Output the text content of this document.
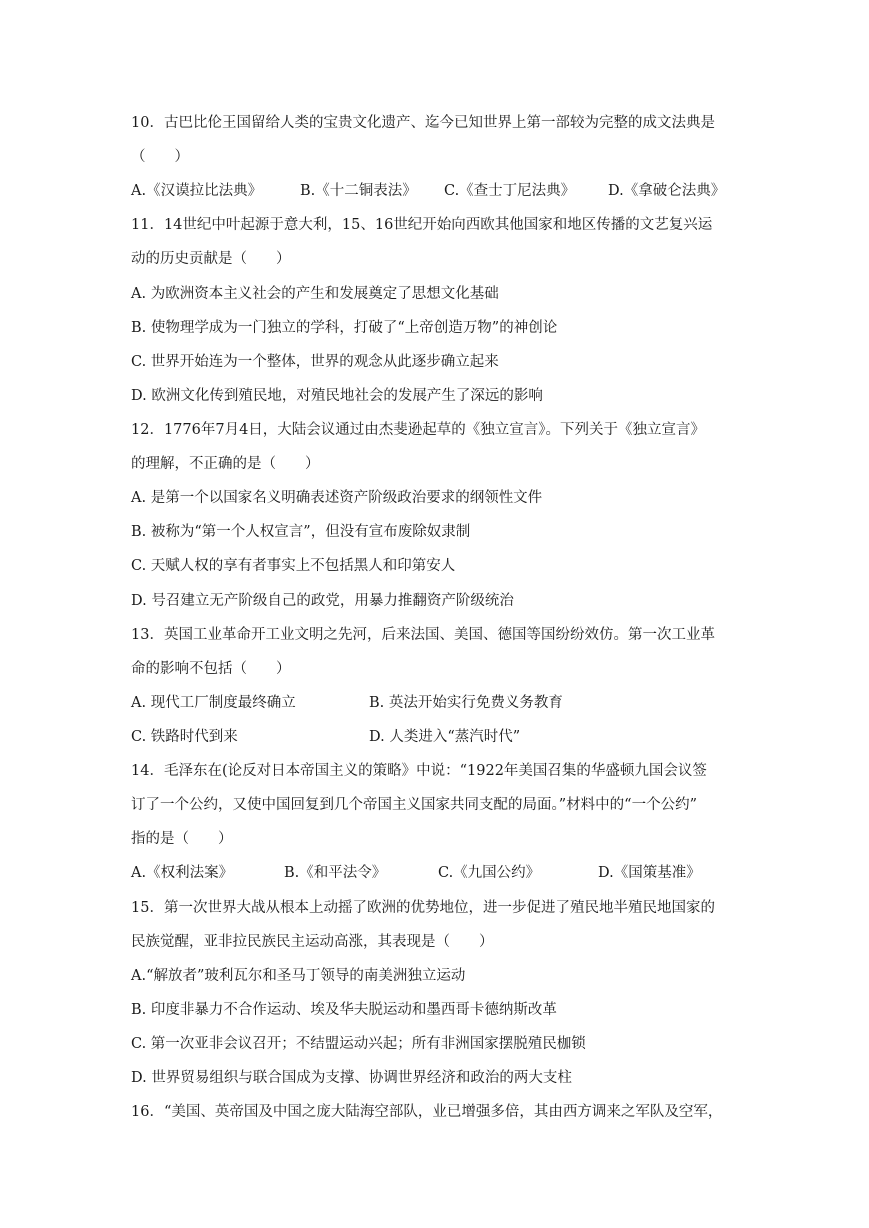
10．古巴比伦王国留给人类的宝贵文化遗产、迄今已知世界上第一部较为完整的成文法典是
（　　）
A.《汉谟拉比法典》	B.《十二铜表法》 C.《查士丁尼法典》 D.《拿破仑法典》
11．14世纪中叶起源于意大利，15、16世纪开始向西欧其他国家和地区传播的文艺复兴运
动的历史贡献是（　　）
A. 为欧洲资本主义社会的产生和发展奠定了思想文化基础
B. 使物理学成为一门独立的学科，打破了“上帝创造万物”的神创论
C. 世界开始连为一个整体，世界的观念从此逐步确立起来
D. 欧洲文化传到殖民地，对殖民地社会的发展产生了深远的影响
12．1776年7月4日，大陆会议通过由杰斐逊起草的《独立宣言》。下列关于《独立宣言》
的理解，不正确的是（　　）
A. 是第一个以国家名义明确表述资产阶级政治要求的纲领性文件
B. 被称为“第一个人权宣言”，但没有宣布废除奴隶制
C. 天赋人权的享有者事实上不包括黑人和印第安人
D. 号召建立无产阶级自己的政党，用暴力推翻资产阶级统治
13．英国工业革命开工业文明之先河，后来法国、美国、德国等国纷纷效仿。第一次工业革
命的影响不包括（　　）
A. 现代工厂制度最终确立	B. 英法开始实行免费义务教育
C. 铁路时代到来	D. 人类进入“蒸汽时代”
14．毛泽东在(论反对日本帝国主义的策略》中说：“1922年美国召集的华盛顿九国会议签
订了一个公约，又使中国回复到几个帝国主义国家共同支配的局面。”材料中的“一个公约”
指的是（　　）
A.《权利法案》	B.《和平法令》	C.《九国公约》	D.《国策基准》
15．第一次世界大战从根本上动摇了欧洲的优势地位，进一步促进了殖民地半殖民地国家的
民族觉醒，亚非拉民族民主运动高涨，其表现是（　　）
A.“解放者”玻利瓦尔和圣马丁领导的南美洲独立运动
B. 印度非暴力不合作运动、埃及华夫脱运动和墨西哥卡德纳斯改革
C. 第一次亚非会议召开；不结盟运动兴起；所有非洲国家摆脱殖民枷锁
D. 世界贸易组织与联合国成为支撑、协调世界经济和政治的两大支柱
16．“美国、英帝国及中国之庞大陆海空部队，业已增强多倍，其由西方调来之军队及空军，
